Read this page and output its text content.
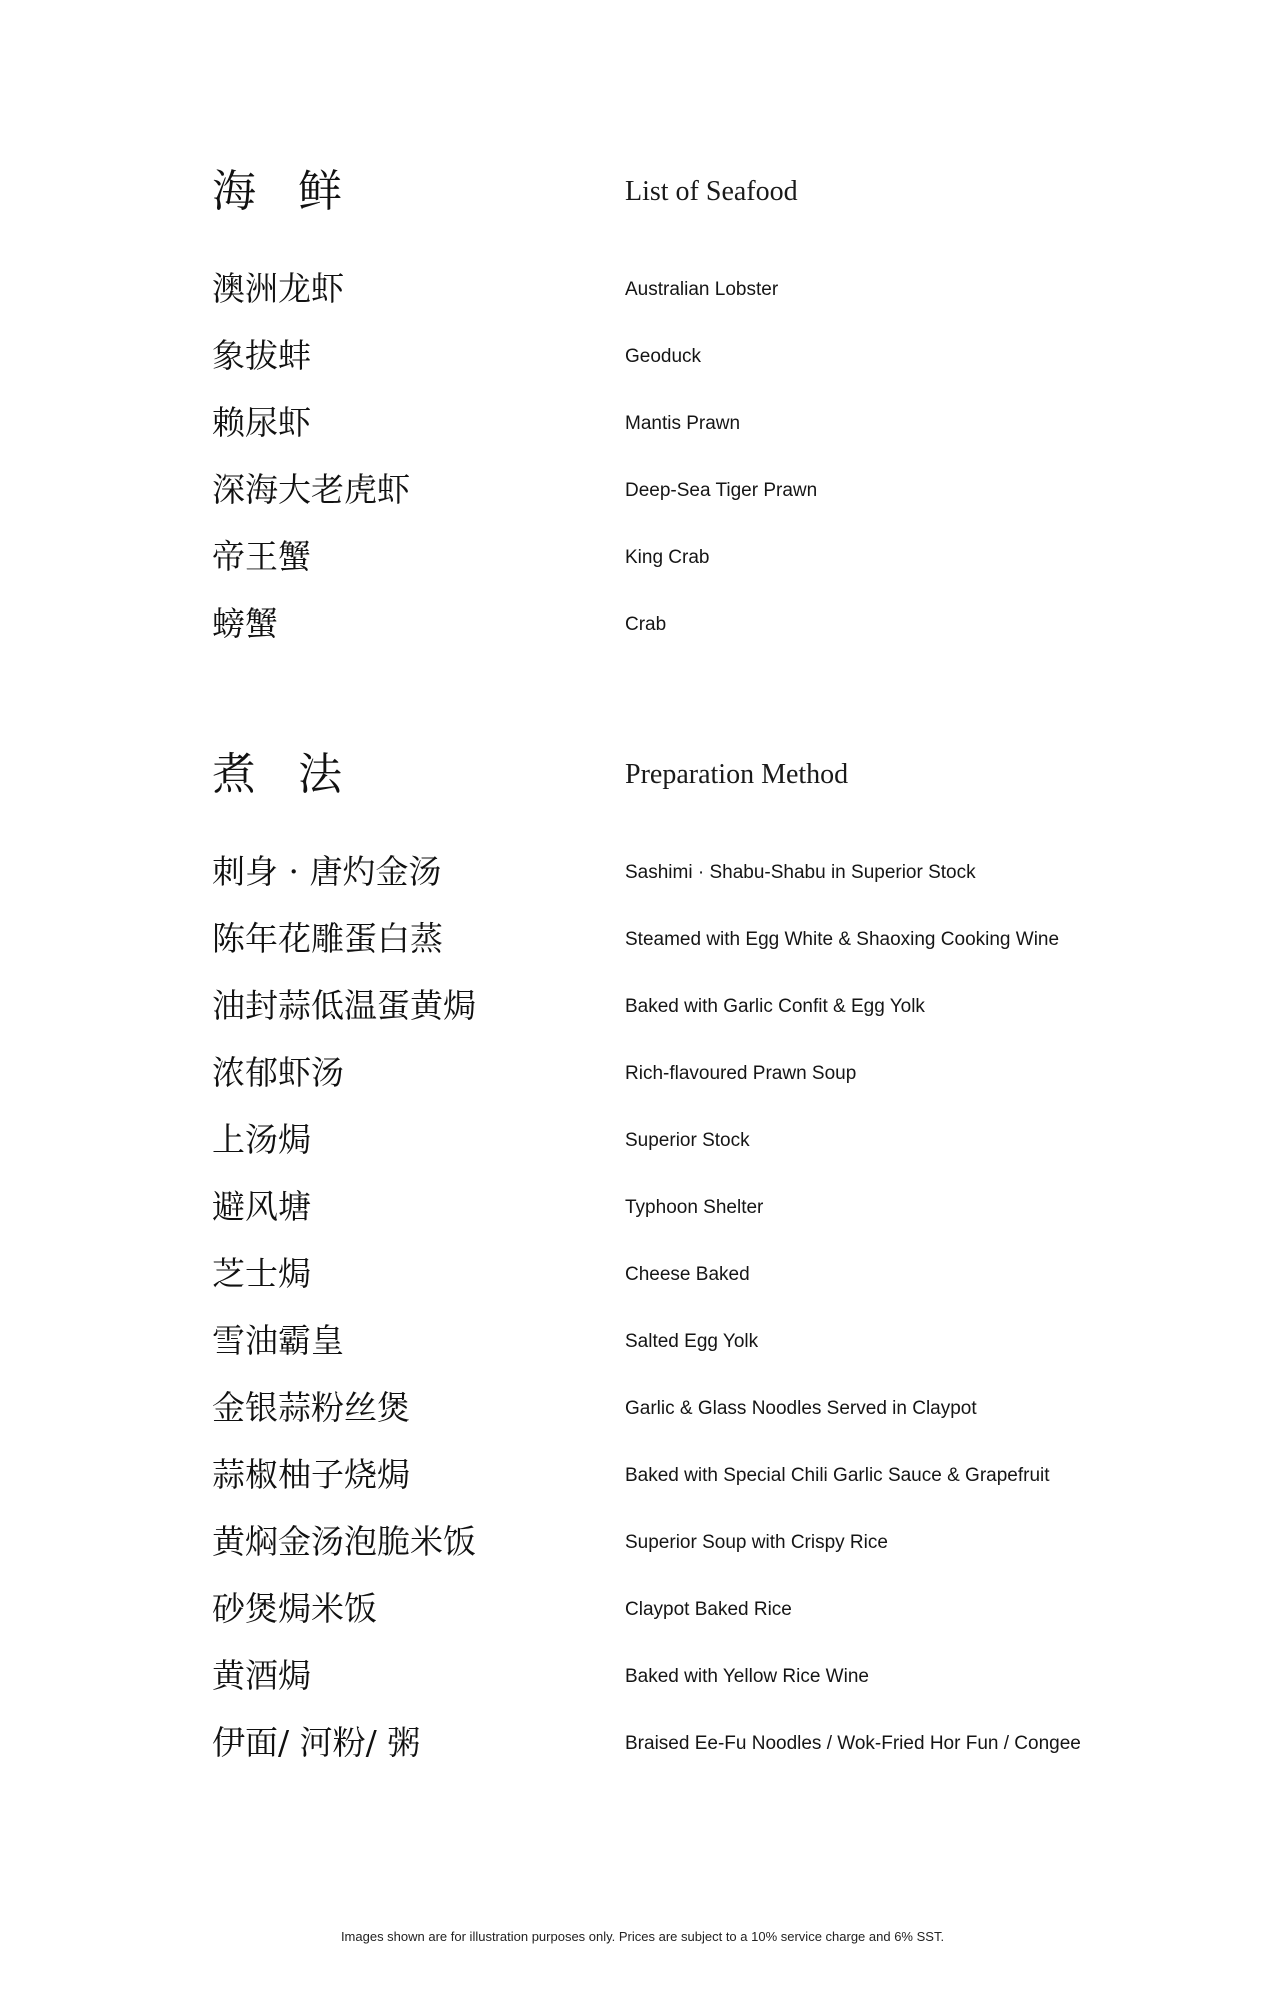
海 鲜	List of Seafood
澳洲龙虾	Australian Lobster
象拔蚌	Geoduck
赖尿虾	Mantis Prawn
深海大老虎虾	Deep-Sea Tiger Prawn
帝王蟹	King Crab
螃蟹	Crab
煮 法	Preparation Method
刺身 · 唐灼金汤	Sashimi · Shabu-Shabu in Superior Stock
陈年花雕蛋白蒸	Steamed with Egg White & Shaoxing Cooking Wine
油封蒜低温蛋黄焗	Baked with Garlic Confit & Egg Yolk
浓郁虾汤	Rich-flavoured Prawn Soup
上汤焗	Superior Stock
避风塘	Typhoon Shelter
芝士焗	Cheese Baked
雪油霸皇	Salted Egg Yolk
金银蒜粉丝煲	Garlic & Glass Noodles Served in Claypot
蒜椒柚子烧焗	Baked with Special Chili Garlic Sauce & Grapefruit
黄焖金汤泡脆米饭	Superior Soup with Crispy Rice
砂煲焗米饭	Claypot Baked Rice
黄酒焗	Baked with Yellow Rice Wine
伊面/ 河粉/ 粥	Braised Ee-Fu Noodles / Wok-Fried Hor Fun / Congee
Images shown are for illustration purposes only. Prices are subject to a 10% service charge and 6% SST.
